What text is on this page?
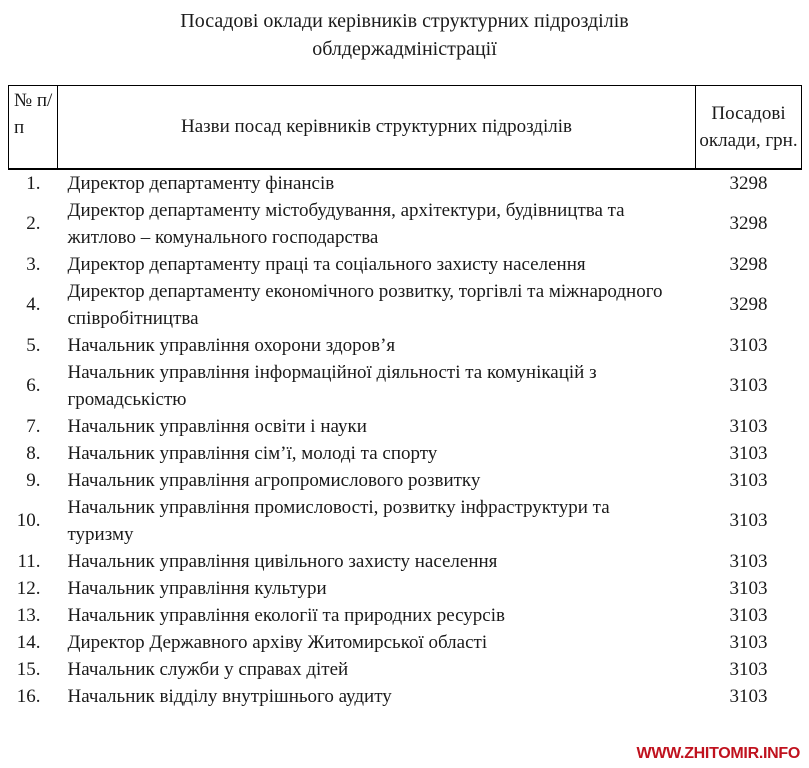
Посадові оклади керівників структурних підрозділів
облдержадміністрації
№ п/п	Назви посад керівників структурних підрозділів	Посадові оклади, грн.
1.	Директор департаменту фінансів	3298
2.	Директор департаменту містобудування, архітектури, будівництва та житлово – комунального господарства	3298
3.	Директор департаменту праці та соціального захисту населення	3298
4.	Директор департаменту економічного розвитку, торгівлі та міжнародного співробітництва	3298
5.	Начальник управління охорони здоров’я	3103
6.	Начальник управління інформаційної діяльності та комунікацій з громадськістю	3103
7.	Начальник управління освіти і науки	3103
8.	Начальник управління сім’ї, молоді та спорту	3103
9.	Начальник управління агропромислового розвитку	3103
10.	Начальник управління промисловості, розвитку інфраструктури та туризму	3103
11.	Начальник управління цивільного захисту населення	3103
12.	Начальник управління культури	3103
13.	Начальник управління екології та природних ресурсів	3103
14.	Директор Державного архіву Житомирської області	3103
15.	Начальник служби у справах дітей	3103
16.	Начальник відділу внутрішнього аудиту	3103
WWW.ZHITOMIR.INFO
